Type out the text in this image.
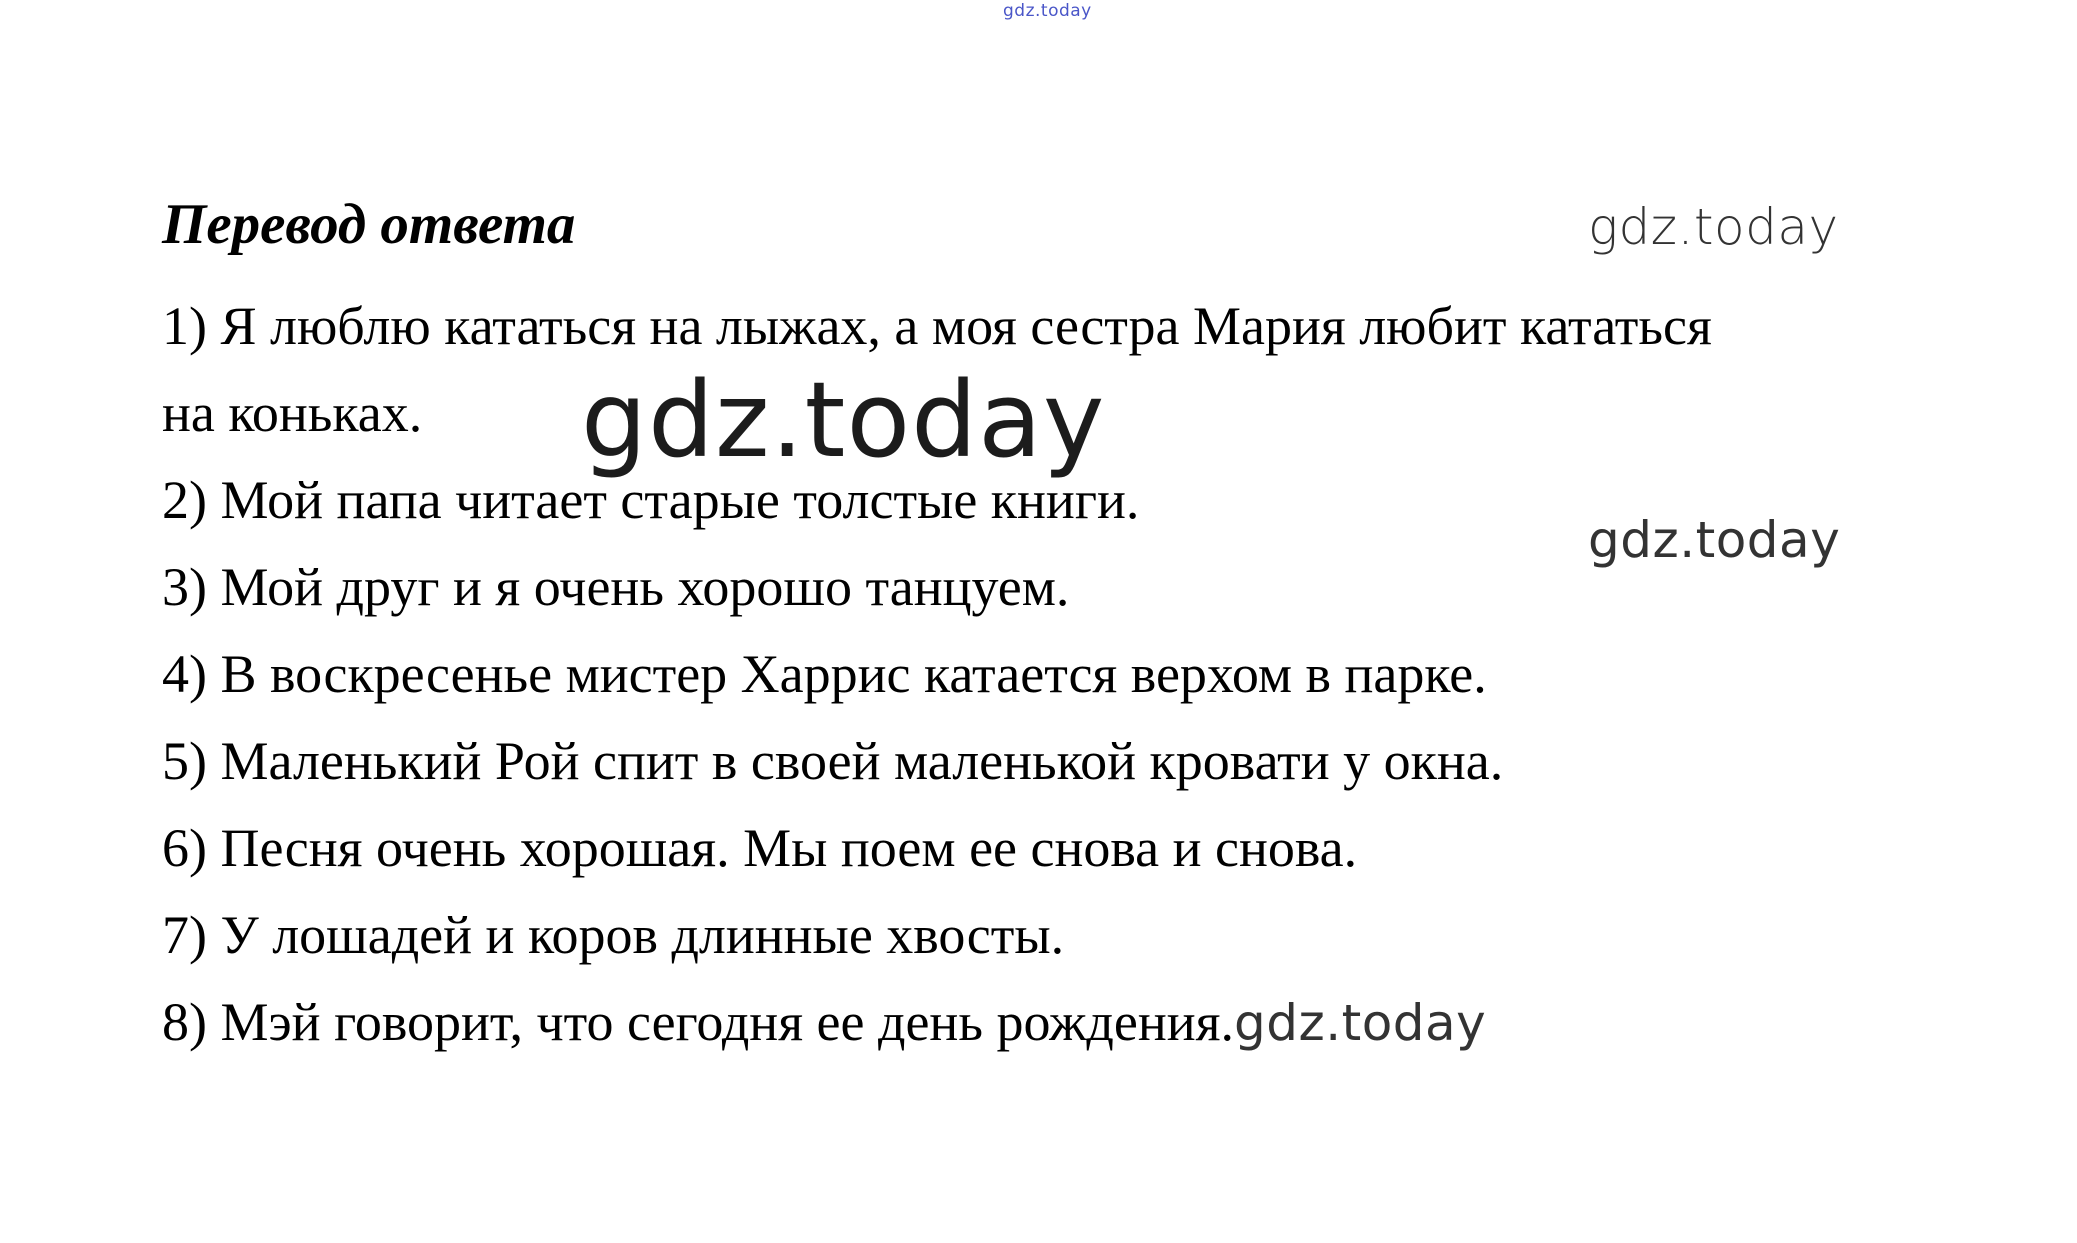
gdz.today
Перевод ответа	gdz.today
1) Я люблю кататься на лыжах, а моя сестра Мария любит кататься
на коньках.
2) Мой папа читает старые толстые книги.
3) Мой друг и я очень хорошо танцуем.
4) В воскресенье мистер Харрис катается верхом в парке.
5) Маленький Рой спит в своей маленькой кровати у окна.
6) Песня очень хорошая. Мы поем ее снова и снова.
7) У лошадей и коров длинные хвосты.
8) Мэй говорит, что сегодня ее день рождения.gdz.today
gdz.today
gdz.today
